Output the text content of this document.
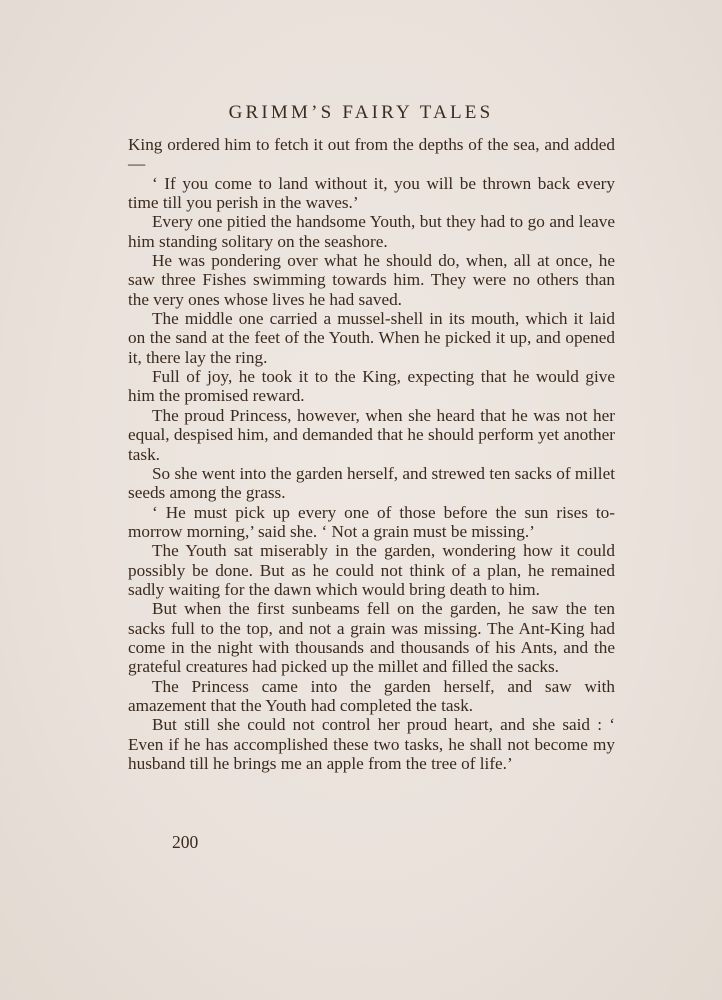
GRIMM’S FAIRY TALES

King ordered him to fetch it out from the depths of the sea, and added—

‘ If you come to land without it, you will be thrown back every time till you perish in the waves.’

Every one pitied the handsome Youth, but they had to go and leave him standing solitary on the seashore.

He was pondering over what he should do, when, all at once, he saw three Fishes swimming towards him. They were no others than the very ones whose lives he had saved.

The middle one carried a mussel-shell in its mouth, which it laid on the sand at the feet of the Youth. When he picked it up, and opened it, there lay the ring.

Full of joy, he took it to the King, expecting that he would give him the promised reward.

The proud Princess, however, when she heard that he was not her equal, despised him, and demanded that he should perform yet another task.

So she went into the garden herself, and strewed ten sacks of millet seeds among the grass.

‘ He must pick up every one of those before the sun rises to-morrow morning,’ said she. ‘ Not a grain must be missing.’

The Youth sat miserably in the garden, wondering how it could possibly be done. But as he could not think of a plan, he remained sadly waiting for the dawn which would bring death to him.

But when the first sunbeams fell on the garden, he saw the ten sacks full to the top, and not a grain was missing. The Ant-King had come in the night with thousands and thousands of his Ants, and the grateful creatures had picked up the millet and filled the sacks.

The Princess came into the garden herself, and saw with amazement that the Youth had completed the task.

But still she could not control her proud heart, and she said : ‘ Even if he has accomplished these two tasks, he shall not become my husband till he brings me an apple from the tree of life.’

200
